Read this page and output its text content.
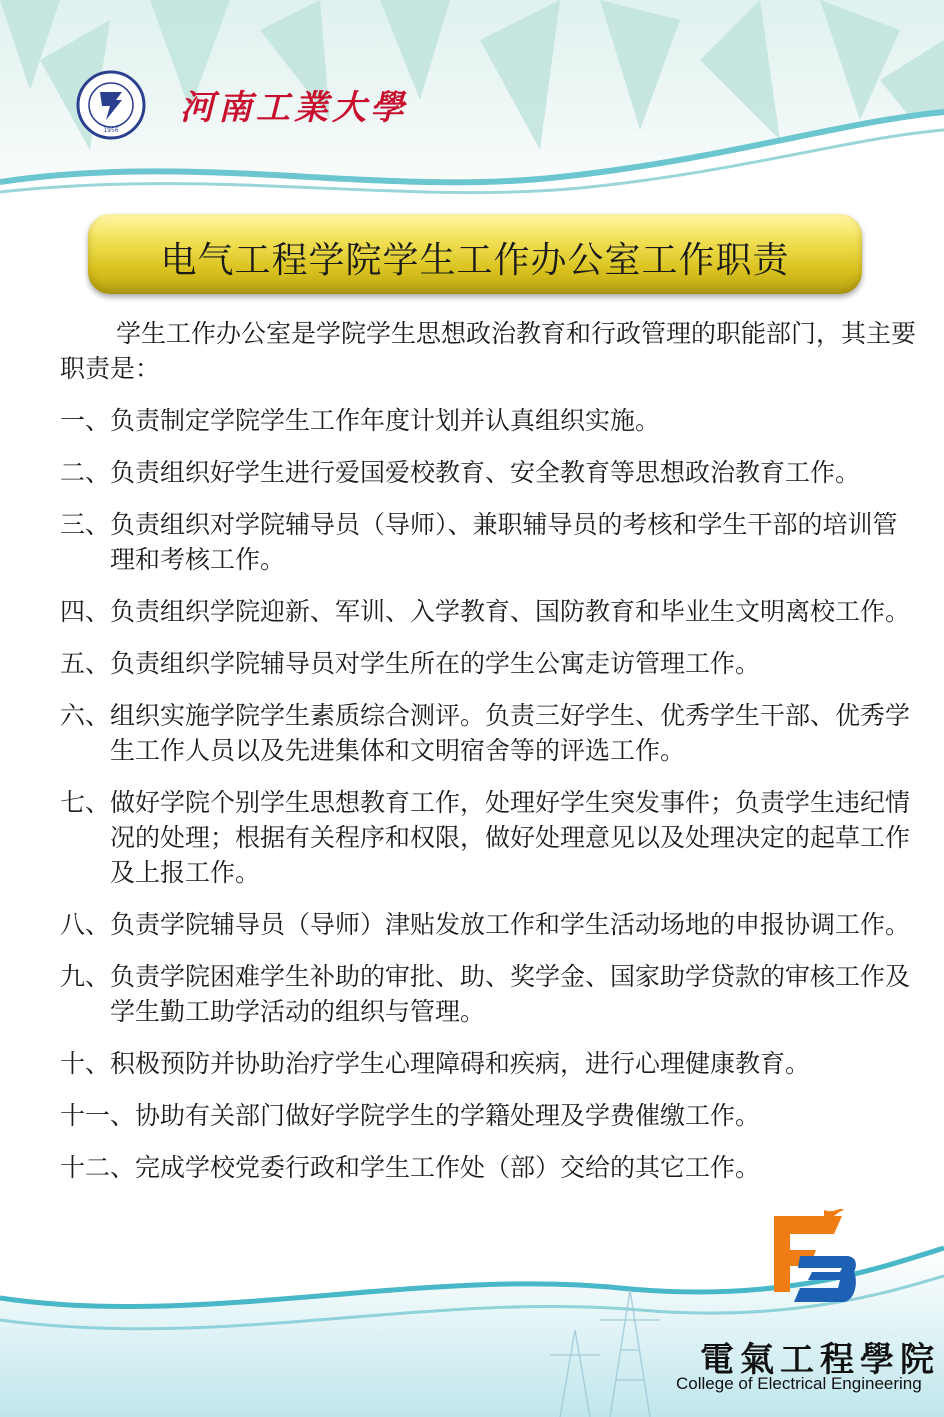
1956
河南工業大學
电气工程学院学生工作办公室工作职责

学生工作办公室是学院学生思想政治教育和行政管理的职能部门，其主要职责是：

一、 负责制定学院学生工作年度计划并认真组织实施。
二、 负责组织好学生进行爱国爱校教育、安全教育等思想政治教育工作。
三、 负责组织对学院辅导员（导师）、兼职辅导员的考核和学生干部的培训管理和考核工作。
四、 负责组织学院迎新、军训、入学教育、国防教育和毕业生文明离校工作。
五、 负责组织学院辅导员对学生所在的学生公寓走访管理工作。
六、 组织实施学院学生素质综合测评。负责三好学生、优秀学生干部、优秀学生工作人员以及先进集体和文明宿舍等的评选工作。
七、 做好学院个别学生思想教育工作，处理好学生突发事件；负责学生违纪情况的处理；根据有关程序和权限，做好处理意见以及处理决定的起草工作及上报工作。
八、 负责学院辅导员（导师）津贴发放工作和学生活动场地的申报协调工作。
九、 负责学院困难学生补助的审批、助、奖学金、国家助学贷款的审核工作及学生勤工助学活动的组织与管理。
十、 积极预防并协助治疗学生心理障碍和疾病，进行心理健康教育。
十一、 协助有关部门做好学院学生的学籍处理及学费催缴工作。
十二、 完成学校党委行政和学生工作处（部）交给的其它工作。
電氣工程學院
College of Electrical Engineering
